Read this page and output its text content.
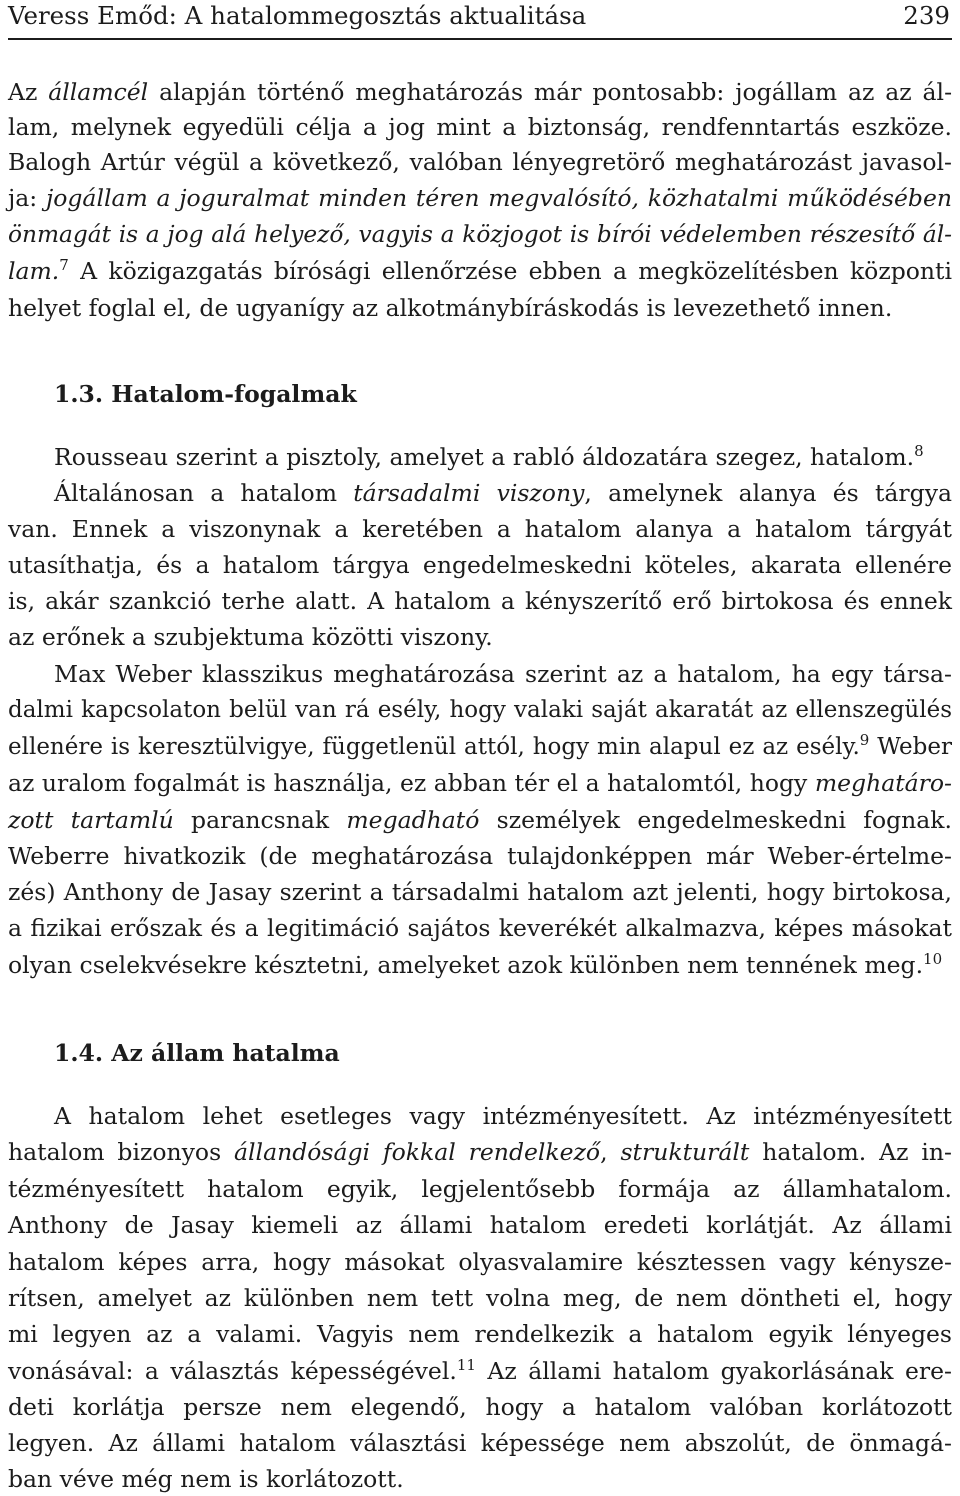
Veress Emőd: A hatalommegosztás aktualitása	239
Az államcél alapján történő meghatározás már pontosabb: jogállam az az ál-
lam, melynek egyedüli célja a jog mint a biztonság, rendfenntartás eszköze.
Balogh Artúr végül a következő, valóban lényegretörő meghatározást javasol-
ja: jogállam a joguralmat minden téren megvalósító, közhatalmi működésében
önmagát is a jog alá helyező, vagyis a közjogot is bírói védelemben részesítő ál-
lam.$^7$ A közigazgatás bírósági ellenőrzése ebben a megközelítésben központi
helyet foglal el, de ugyanígy az alkotmánybíráskodás is levezethető innen.
1.3. Hatalom-fogalmak
Rousseau szerint a pisztoly, amelyet a rabló áldozatára szegez, hatalom.$^8$
Általánosan a hatalom társadalmi viszony, amelynek alanya és tárgya
van. Ennek a viszonynak a keretében a hatalom alanya a hatalom tárgyát
utasíthatja, és a hatalom tárgya engedelmeskedni köteles, akarata ellenére
is, akár szankció terhe alatt. A hatalom a kényszerítő erő birtokosa és ennek
az erőnek a szubjektuma közötti viszony.
Max Weber klasszikus meghatározása szerint az a hatalom, ha egy társa-
dalmi kapcsolaton belül van rá esély, hogy valaki saját akaratát az ellenszegülés
ellenére is keresztülvigye, függetlenül attól, hogy min alapul ez az esély.$^9$ Weber
az uralom fogalmát is használja, ez abban tér el a hatalomtól, hogy meghatáro-
zott tartamlú parancsnak megadható személyek engedelmeskedni fognak.
Weberre hivatkozik (de meghatározása tulajdonképpen már Weber-értelme-
zés) Anthony de Jasay szerint a társadalmi hatalom azt jelenti, hogy birtokosa,
a fizikai erőszak és a legitimáció sajátos keverékét alkalmazva, képes másokat
olyan cselekvésekre késztetni, amelyeket azok különben nem tennének meg.$^{10}$
1.4. Az állam hatalma
A hatalom lehet esetleges vagy intézményesített. Az intézményesített
hatalom bizonyos állandósági fokkal rendelkező, strukturált hatalom. Az in-
tézményesített hatalom egyik, legjelentősebb formája az államhatalom.
Anthony de Jasay kiemeli az állami hatalom eredeti korlátját. Az állami
hatalom képes arra, hogy másokat olyasvalamire késztessen vagy kénysze-
rítsen, amelyet az különben nem tett volna meg, de nem döntheti el, hogy
mi legyen az a valami. Vagyis nem rendelkezik a hatalom egyik lényeges
vonásával: a választás képességével.$^{11}$ Az állami hatalom gyakorlásának ere-
deti korlátja persze nem elegendő, hogy a hatalom valóban korlátozott
legyen. Az állami hatalom választási képessége nem abszolút, de önmagá-
ban véve még nem is korlátozott.
